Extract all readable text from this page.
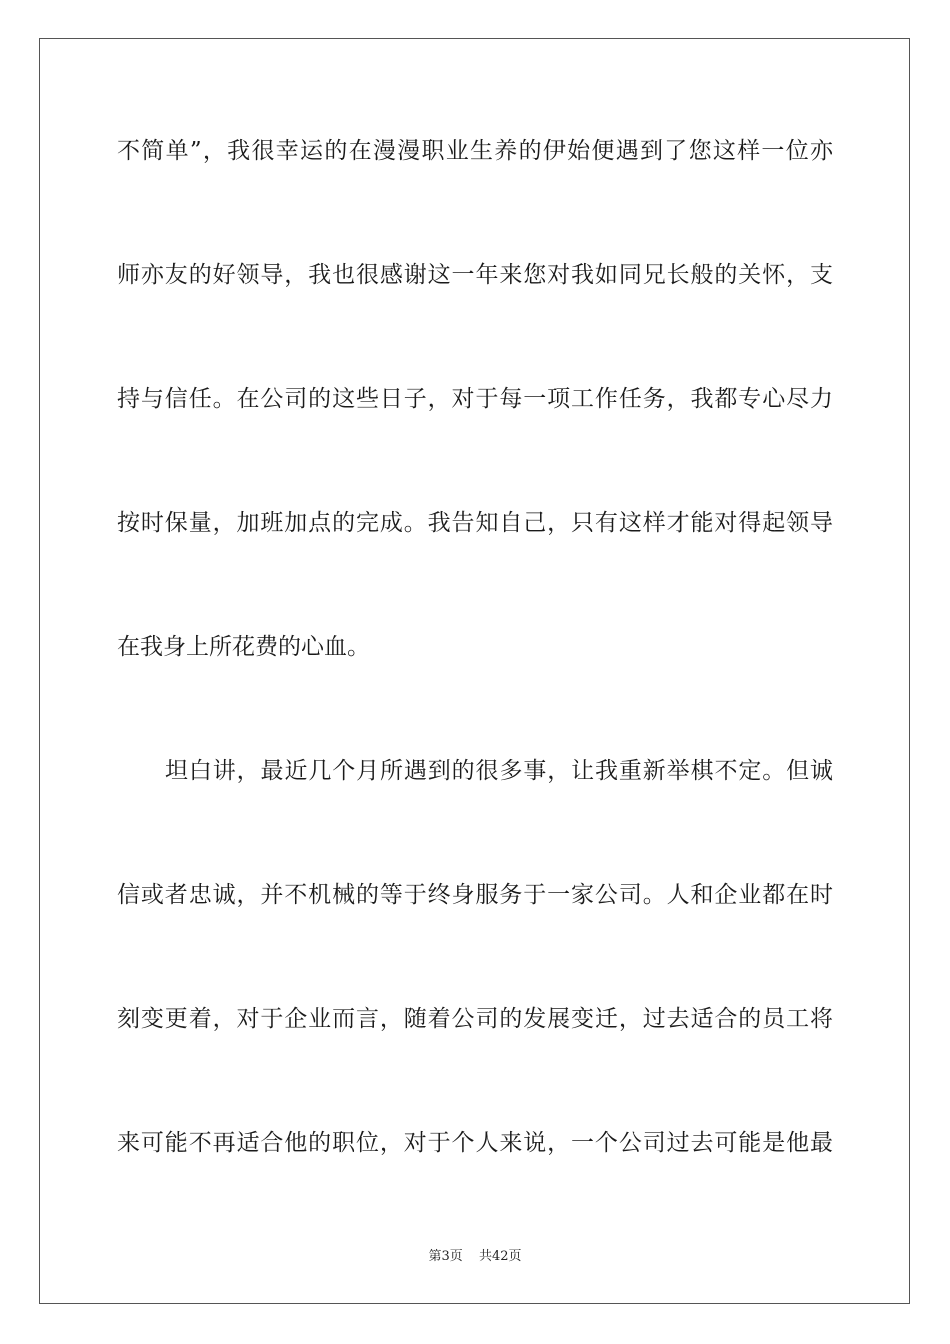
不简单”，我很幸运的在漫漫职业生养的伊始便遇到了您这样一位亦
师亦友的好领导，我也很感谢这一年来您对我如同兄长般的关怀，支
持与信任。在公司的这些日子，对于每一项工作任务，我都专心尽力
按时保量，加班加点的完成。我告知自己，只有这样才能对得起领导
在我身上所花费的心血。
坦白讲，最近几个月所遇到的很多事，让我重新举棋不定。但诚
信或者忠诚，并不机械的等于终身服务于一家公司。人和企业都在时
刻变更着，对于企业而言，随着公司的发展变迁，过去适合的员工将
来可能不再适合他的职位，对于个人来说，一个公司过去可能是他最
第3页 共42页
